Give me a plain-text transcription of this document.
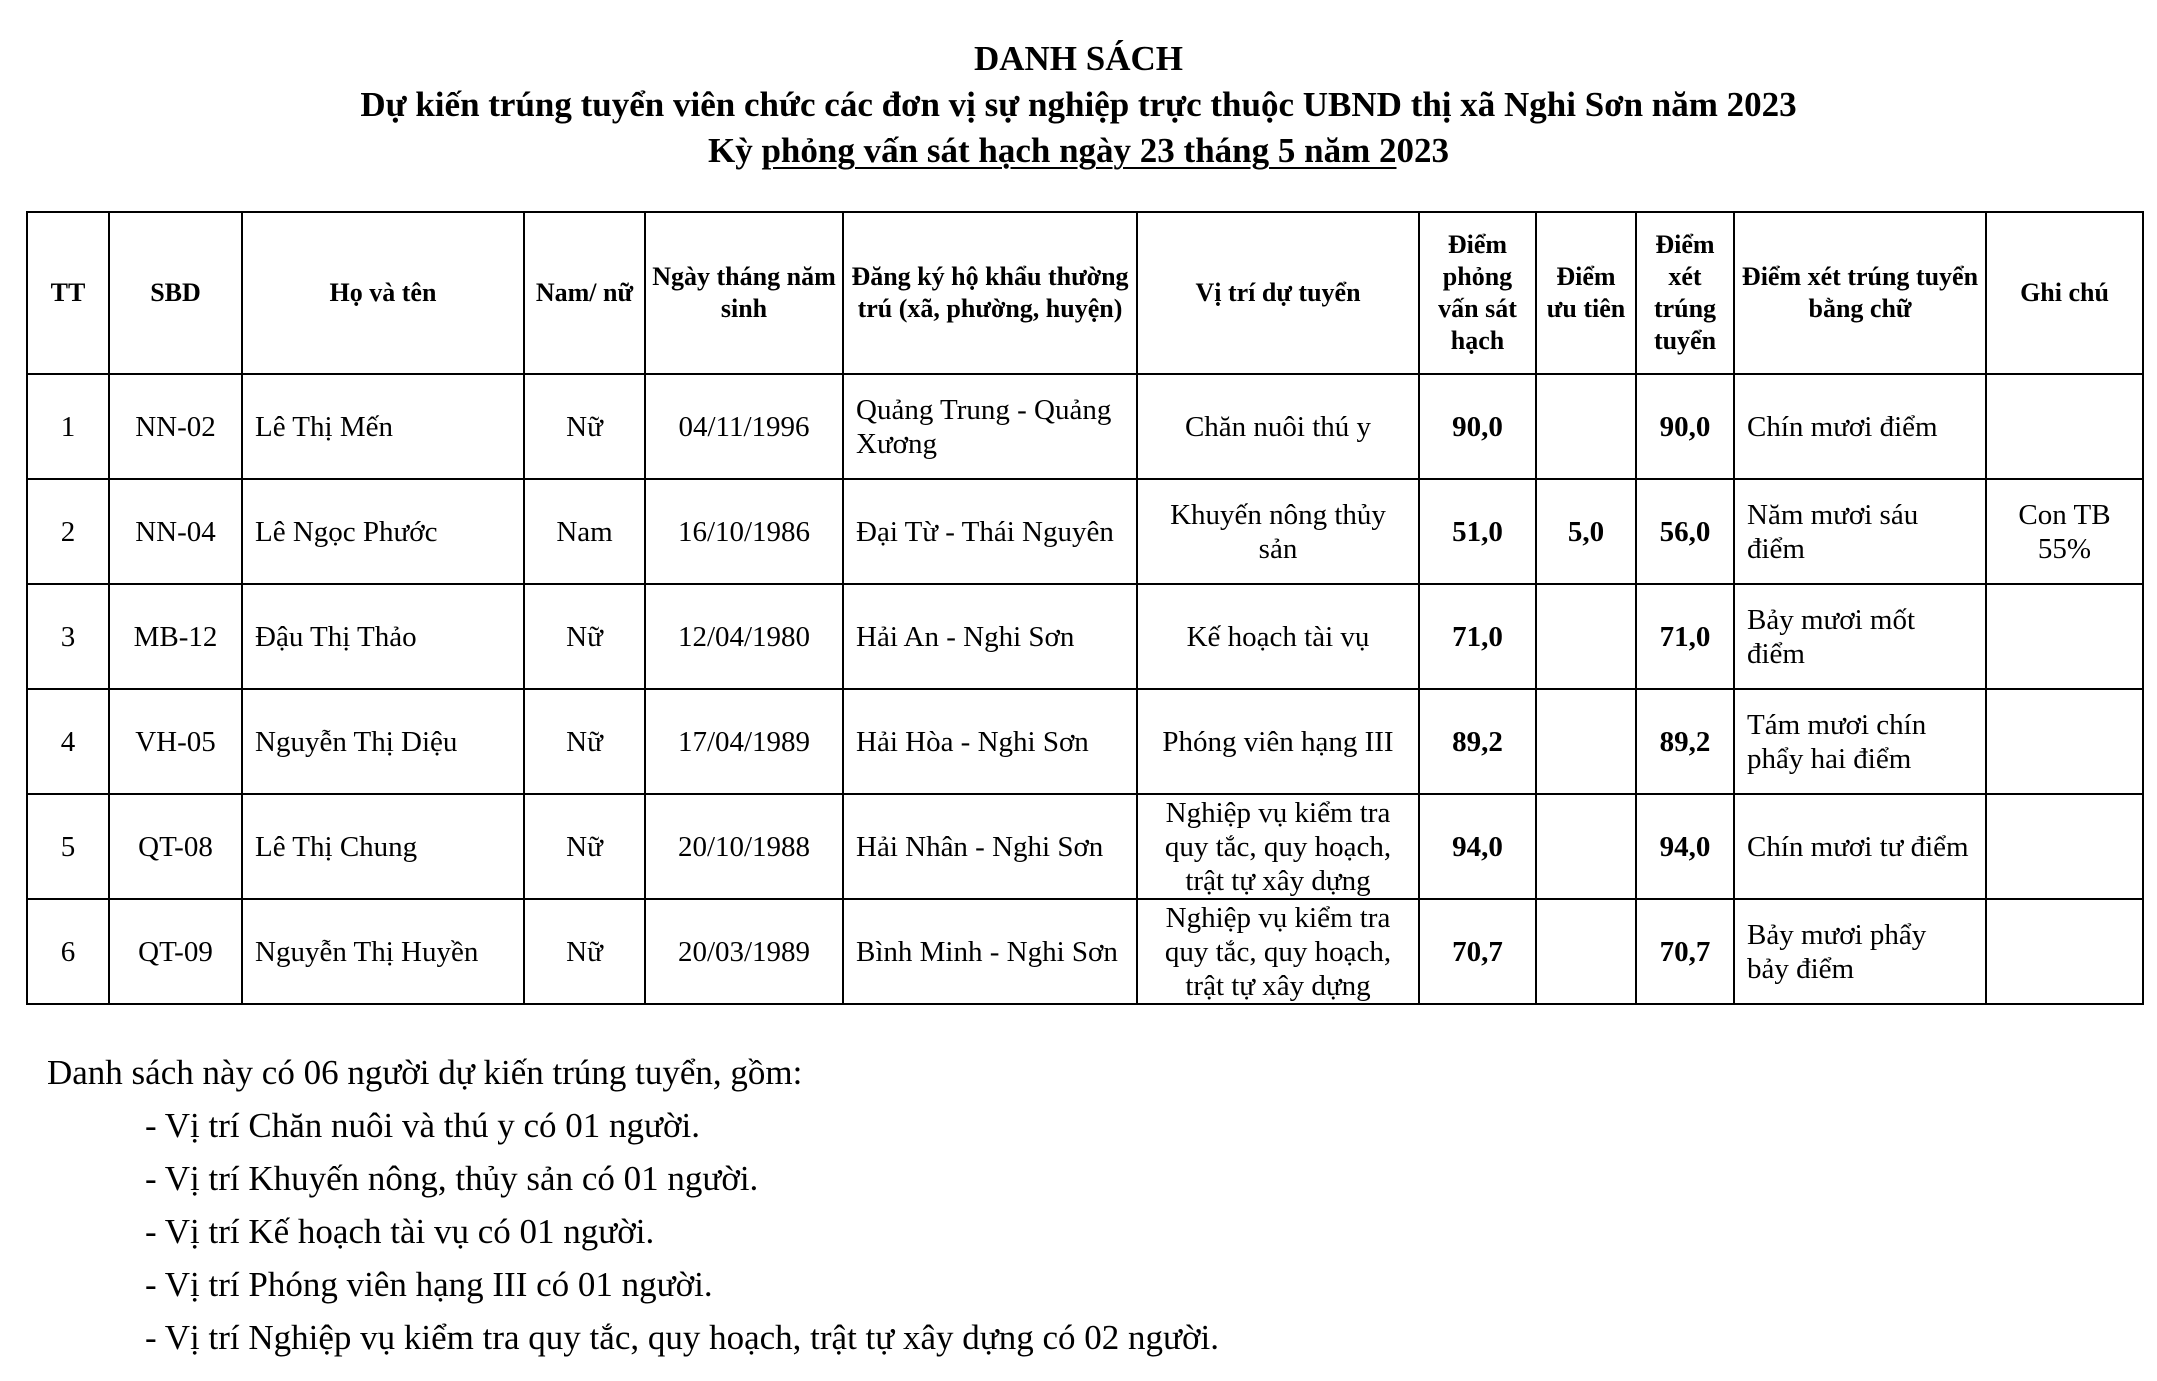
DANH SÁCH
Dự kiến trúng tuyển viên chức các đơn vị sự nghiệp trực thuộc UBND thị xã Nghi Sơn năm 2023
Kỳ phỏng vấn sát hạch ngày 23 tháng 5 năm 2023
TT	SBD	Họ và tên	Nam/ nữ	Ngày tháng năm sinh	Đăng ký hộ khẩu thường trú (xã, phường, huyện)	Vị trí dự tuyển	Điểm phỏng vấn sát hạch	Điểm ưu tiên	Điểm xét trúng tuyển	Điểm xét trúng tuyển bằng chữ	Ghi chú
1	NN-02	Lê Thị Mến	Nữ	04/11/1996	Quảng Trung - Quảng Xương	Chăn nuôi thú y	90,0		90,0	Chín mươi điểm	
2	NN-04	Lê Ngọc Phước	Nam	16/10/1986	Đại Từ - Thái Nguyên	Khuyến nông thủy sản	51,0	5,0	56,0	Năm mươi sáu điểm	Con TB 55%
3	MB-12	Đậu Thị Thảo	Nữ	12/04/1980	Hải An - Nghi Sơn	Kế hoạch tài vụ	71,0		71,0	Bảy mươi mốt điểm	
4	VH-05	Nguyễn Thị Diệu	Nữ	17/04/1989	Hải Hòa - Nghi Sơn	Phóng viên hạng III	89,2		89,2	Tám mươi chín phẩy hai điểm	
5	QT-08	Lê Thị Chung	Nữ	20/10/1988	Hải Nhân - Nghi Sơn	Nghiệp vụ kiểm tra quy tắc, quy hoạch, trật tự xây dựng	94,0		94,0	Chín mươi tư điểm	
6	QT-09	Nguyễn Thị Huyền	Nữ	20/03/1989	Bình Minh - Nghi Sơn	Nghiệp vụ kiểm tra quy tắc, quy hoạch, trật tự xây dựng	70,7		70,7	Bảy mươi phẩy bảy điểm	
Danh sách này có 06 người dự kiến trúng tuyển, gồm:
- Vị trí Chăn nuôi và thú y có 01 người.
- Vị trí Khuyến nông, thủy sản có 01 người.
- Vị trí Kế hoạch tài vụ có 01 người.
- Vị trí Phóng viên hạng III có 01 người.
- Vị trí Nghiệp vụ kiểm tra quy tắc, quy hoạch, trật tự xây dựng có 02 người.
